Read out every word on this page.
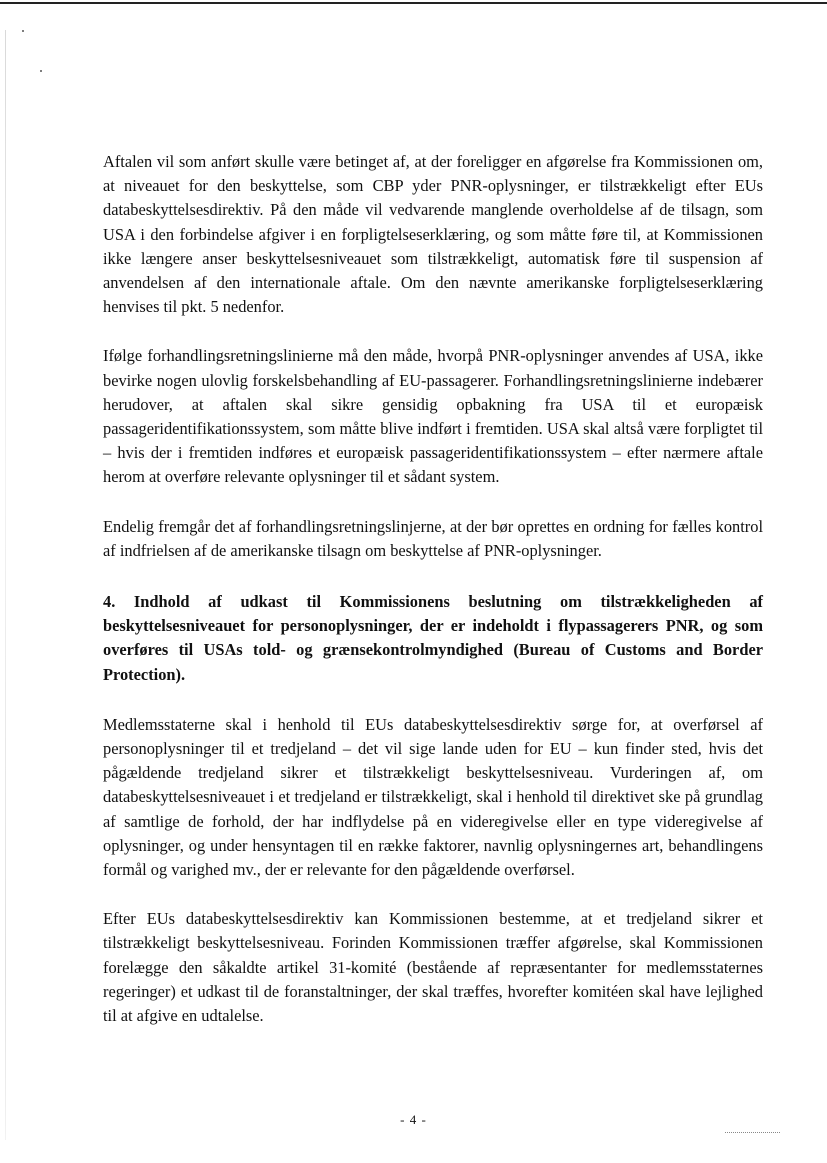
Aftalen vil som anført skulle være betinget af, at der foreligger en afgørelse fra Kommissionen om, at niveauet for den beskyttelse, som CBP yder PNR-oplysninger, er tilstrækkeligt efter EUs databeskyttelsesdirektiv. På den måde vil vedvarende manglende overholdelse af de tilsagn, som USA i den forbindelse afgiver i en forpligtelseserklæring, og som måtte føre til, at Kommissionen ikke længere anser beskyttelsesniveauet som tilstrækkeligt, automatisk føre til suspension af anvendelsen af den internationale aftale. Om den nævnte amerikanske forpligtelseserklæring henvises til pkt. 5 nedenfor.

Ifølge forhandlingsretningslinierne må den måde, hvorpå PNR-oplysninger anvendes af USA, ikke bevirke nogen ulovlig forskelsbehandling af EU-passagerer. Forhandlingsretningslinierne indebærer herudover, at aftalen skal sikre gensidig opbakning fra USA til et europæisk passageridentifikationssystem, som måtte blive indført i fremtiden. USA skal altså være forpligtet til – hvis der i fremtiden indføres et europæisk passageridentifikationssystem – efter nærmere aftale herom at overføre relevante oplysninger til et sådant system.

Endelig fremgår det af forhandlingsretningslinjerne, at der bør oprettes en ordning for fælles kontrol af indfrielsen af de amerikanske tilsagn om beskyttelse af PNR-oplysninger.

4. Indhold af udkast til Kommissionens beslutning om tilstrækkeligheden af beskyttelsesniveauet for personoplysninger, der er indeholdt i flypassagerers PNR, og som overføres til USAs told- og grænsekontrolmyndighed (Bureau of Customs and Border Protection).

Medlemsstaterne skal i henhold til EUs databeskyttelsesdirektiv sørge for, at overførsel af personoplysninger til et tredjeland – det vil sige lande uden for EU – kun finder sted, hvis det pågældende tredjeland sikrer et tilstrækkeligt beskyttelsesniveau. Vurderingen af, om databeskyttelsesniveauet i et tredjeland er tilstrækkeligt, skal i henhold til direktivet ske på grundlag af samtlige de forhold, der har indflydelse på en videregivelse eller en type videregivelse af oplysninger, og under hensyntagen til en række faktorer, navnlig oplysningernes art, behandlingens formål og varighed mv., der er relevante for den pågældende overførsel.

Efter EUs databeskyttelsesdirektiv kan Kommissionen bestemme, at et tredjeland sikrer et tilstrækkeligt beskyttelsesniveau. Forinden Kommissionen træffer afgørelse, skal Kommissionen forelægge den såkaldte artikel 31-komité (bestående af repræsentanter for medlemsstaternes regeringer) et udkast til de foranstaltninger, der skal træffes, hvorefter komitéen skal have lejlighed til at afgive en udtalelse.

- 4 -
